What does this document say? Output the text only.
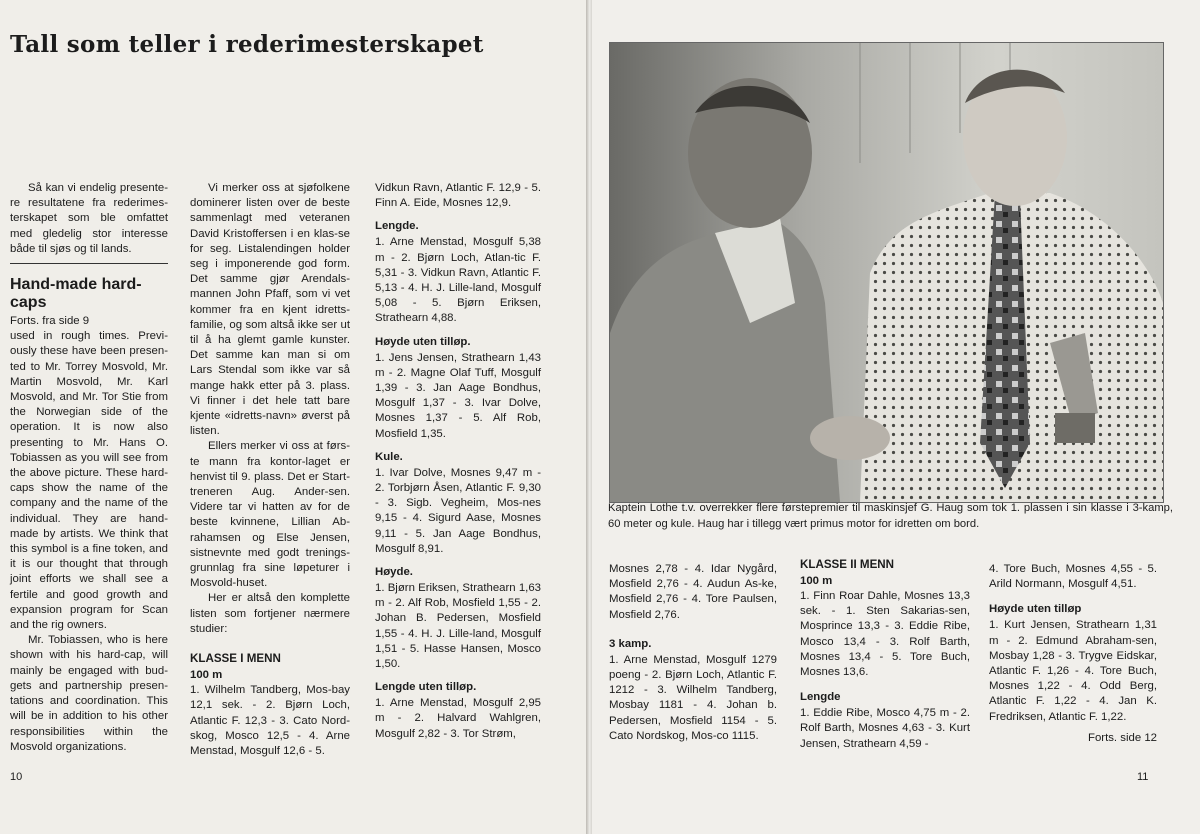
Tall som teller i rederimesterskapet

Så kan vi endelig presente-re resultatene fra rederimes-terskapet som ble omfattet med gledelig stor interesse både til sjøs og til lands.

Hand-made hard-caps

Forts. fra side 9

used in rough times. Previ-ously these have been presen-ted to Mr. Torrey Mosvold, Mr. Martin Mosvold, Mr. Karl Mosvold, and Mr. Tor Stie from the Norwegian side of the operation. It is now also presenting to Mr. Hans O. Tobiassen as you will see from the above picture. These hard-caps show the name of the company and the name of the individual. They are hand-made by artists. We think that this symbol is a fine token, and it is our thought that through joint efforts we shall see a fertile and good growth and expansion program for Scan and the rig owners.

Mr. Tobiassen, who is here shown with his hard-cap, will mainly be engaged with bud-gets and partnership presen-tations and coordination. This will be in addition to his other responsibilities within the Mosvold organizations.

Vi merker oss at sjøfolkene dominerer listen over de beste sammenlagt med veteranen David Kristoffersen i en klas-se for seg. Listalendingen holder seg i imponerende god form. Det samme gjør Arendals-mannen John Pfaff, som vi vet kommer fra en kjent idretts-familie, og som altså ikke ser ut til å ha glemt gamle kunster. Det samme kan man si om Lars Stendal som ikke var så mange hakk etter på 3. plass. Vi finner i det hele tatt bare kjente «idretts-navn» øverst på listen.

Ellers merker vi oss at førs-te mann fra kontor-laget er henvist til 9. plass. Det er Start-treneren Aug. Ander-sen. Videre tar vi hatten av for de beste kvinnene, Lillian Ab-rahamsen og Else Jensen, sistnevnte med godt trenings-grunnlag fra sine løpeturer i Mosvold-huset.

Her er altså den komplette listen som fortjener nærmere studier:

KLASSE I MENN
100 m

1. Wilhelm Tandberg, Mos-bay 12,1 sek. - 2. Bjørn Loch, Atlantic F. 12,3 - 3. Cato Nord-skog, Mosco 12,5 - 4. Arne Menstad, Mosgulf 12,6 - 5.

Vidkun Ravn, Atlantic F. 12,9 - 5. Finn A. Eide, Mosnes 12,9.

Lengde.

1. Arne Menstad, Mosgulf 5,38 m - 2. Bjørn Loch, Atlan-tic F. 5,31 - 3. Vidkun Ravn, Atlantic F. 5,13 - 4. H. J. Lille-land, Mosgulf 5,08 - 5. Bjørn Eriksen, Strathearn 4,88.

Høyde uten tilløp.

1. Jens Jensen, Strathearn 1,43 m - 2. Magne Olaf Tuff, Mosgulf 1,39 - 3. Jan Aage Bondhus, Mosgulf 1,37 - 3. Ivar Dolve, Mosnes 1,37 - 5. Alf Rob, Mosfield 1,35.

Kule.

1. Ivar Dolve, Mosnes 9,47 m - 2. Torbjørn Åsen, Atlantic F. 9,30 - 3. Sigb. Vegheim, Mos-nes 9,15 - 4. Sigurd Aase, Mosnes 9,11 - 5. Jan Aage Bondhus, Mosgulf 8,91.

Høyde.

1. Bjørn Eriksen, Strathearn 1,63 m - 2. Alf Rob, Mosfield 1,55 - 2. Johan B. Pedersen, Mosfield 1,55 - 4. H. J. Lille-land, Mosgulf 1,51 - 5. Hasse Hansen, Mosco 1,50.

Lengde uten tilløp.

1. Arne Menstad, Mosgulf 2,95 m - 2. Halvard Wahlgren, Mosgulf 2,82 - 3. Tor Strøm,

10

Kaptein Lothe t.v. overrekker flere førstepremier til maskinsjef G. Haug som tok 1. plassen i sin klasse i 3-kamp, 60 meter og kule. Haug har i tillegg vært primus motor for idretten om bord.

Mosnes 2,78 - 4. Idar Nygård, Mosfield 2,76 - 4. Audun As-ke, Mosfield 2,76 - 4. Tore Paulsen, Mosfield 2,76.

3 kamp.

1. Arne Menstad, Mosgulf 1279 poeng - 2. Bjørn Loch, Atlantic F. 1212 - 3. Wilhelm Tandberg, Mosbay 1181 - 4. Johan b. Pedersen, Mosfield 1154 - 5. Cato Nordskog, Mos-co 1115.

KLASSE II MENN
100 m

1. Finn Roar Dahle, Mosnes 13,3 sek. - 1. Sten Sakarias-sen, Mosprince 13,3 - 3. Eddie Ribe, Mosco 13,4 - 3. Rolf Barth, Mosnes 13,4 - 5. Tore Buch, Mosnes 13,6.

Lengde

1. Eddie Ribe, Mosco 4,75 m - 2. Rolf Barth, Mosnes 4,63 - 3. Kurt Jensen, Strathearn 4,59 -

4. Tore Buch, Mosnes 4,55 - 5. Arild Normann, Mosgulf 4,51.

Høyde uten tilløp

1. Kurt Jensen, Strathearn 1,31 m - 2. Edmund Abraham-sen, Mosbay 1,28 - 3. Trygve Eidskar, Atlantic F. 1,26 - 4. Tore Buch, Mosnes 1,22 - 4. Odd Berg, Atlantic F. 1,22 - 4. Jan K. Fredriksen, Atlantic F. 1,22.

Forts. side 12

11
